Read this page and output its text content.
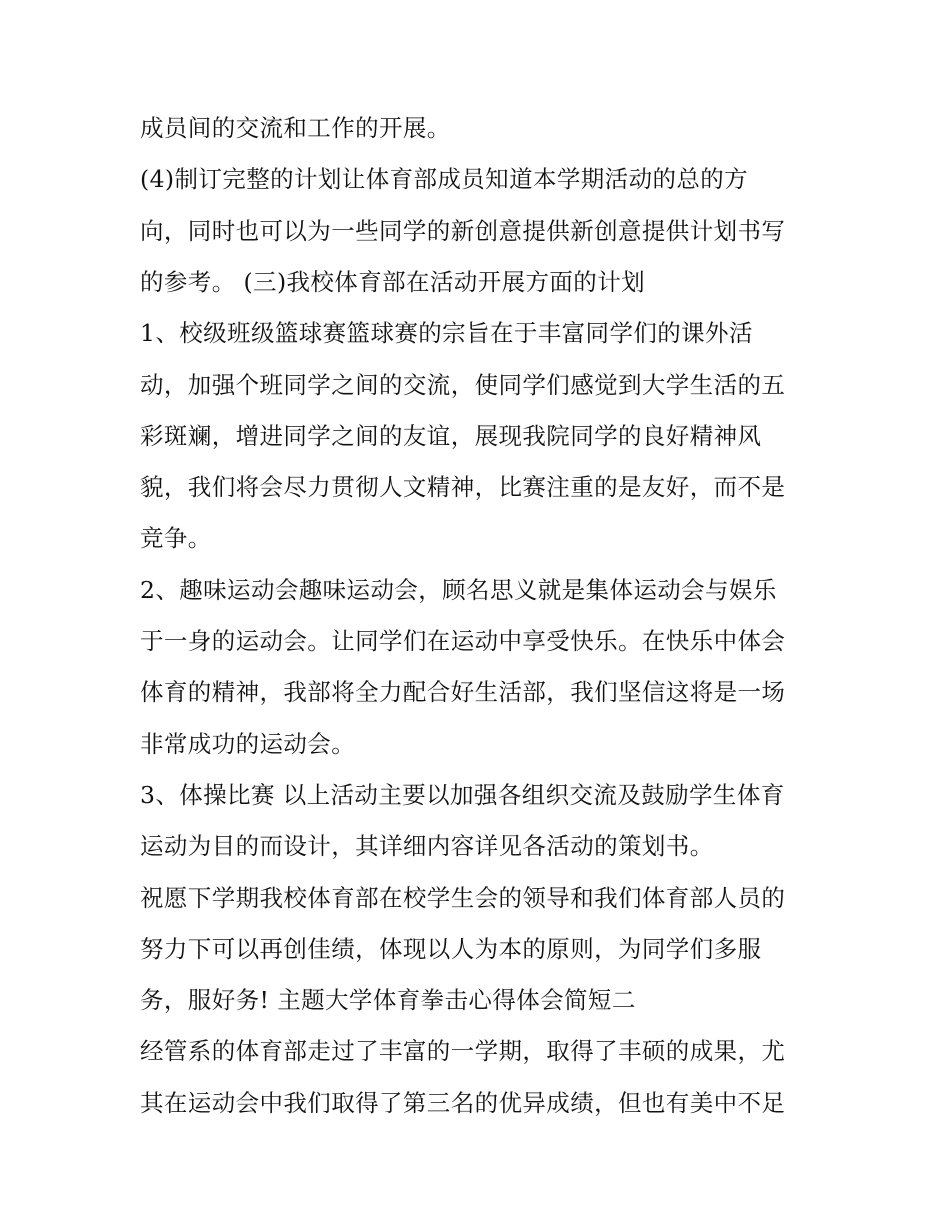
成员间的交流和工作的开展。
(4)制订完整的计划让体育部成员知道本学期活动的总的方
向，同时也可以为一些同学的新创意提供新创意提供计划书写
的参考。 (三)我校体育部在活动开展方面的计划
1、校级班级篮球赛篮球赛的宗旨在于丰富同学们的课外活
动，加强个班同学之间的交流，使同学们感觉到大学生活的五
彩斑斓，增进同学之间的友谊，展现我院同学的良好精神风
貌，我们将会尽力贯彻人文精神，比赛注重的是友好，而不是
竞争。
2、趣味运动会趣味运动会，顾名思义就是集体运动会与娱乐
于一身的运动会。让同学们在运动中享受快乐。在快乐中体会
体育的精神，我部将全力配合好生活部，我们坚信这将是一场
非常成功的运动会。
3、体操比赛 以上活动主要以加强各组织交流及鼓励学生体育
运动为目的而设计，其详细内容详见各活动的策划书。
祝愿下学期我校体育部在校学生会的领导和我们体育部人员的
努力下可以再创佳绩，体现以人为本的原则，为同学们多服
务，服好务! 主题大学体育拳击心得体会简短二
经管系的体育部走过了丰富的一学期，取得了丰硕的成果，尤
其在运动会中我们取得了第三名的优异成绩，但也有美中不足
